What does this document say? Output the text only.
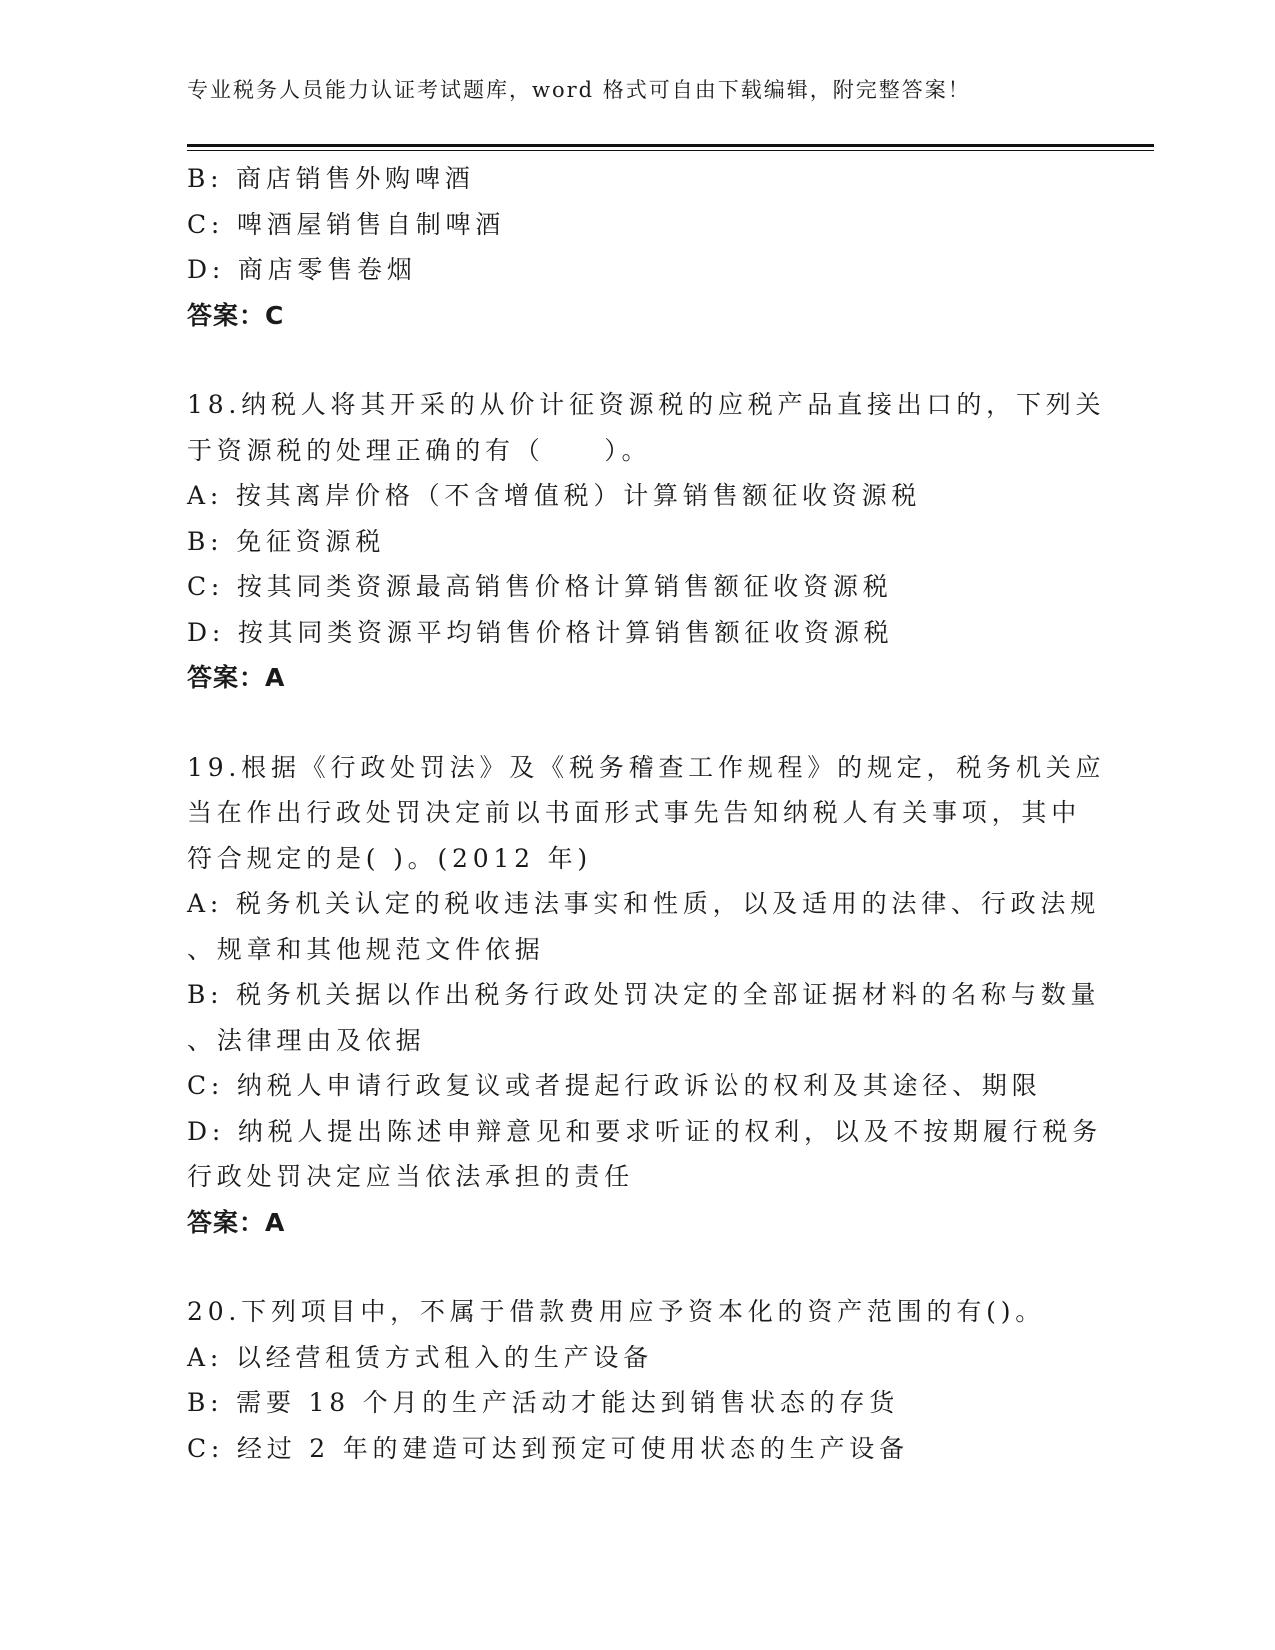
专业税务人员能力认证考试题库，word 格式可自由下载编辑，附完整答案！
B: 商店销售外购啤酒
C: 啤酒屋销售自制啤酒
D: 商店零售卷烟
答案：C
18.纳税人将其开采的从价计征资源税的应税产品直接出口的，下列关
于资源税的处理正确的有（　　）。
A: 按其离岸价格（不含增值税）计算销售额征收资源税
B: 免征资源税
C: 按其同类资源最高销售价格计算销售额征收资源税
D: 按其同类资源平均销售价格计算销售额征收资源税
答案：A
19.根据《行政处罚法》及《税务稽查工作规程》的规定，税务机关应
当在作出行政处罚决定前以书面形式事先告知纳税人有关事项，其中
符合规定的是( )。(2012 年)
A: 税务机关认定的税收违法事实和性质，以及适用的法律、行政法规
、规章和其他规范文件依据
B: 税务机关据以作出税务行政处罚决定的全部证据材料的名称与数量
、法律理由及依据
C: 纳税人申请行政复议或者提起行政诉讼的权利及其途径、期限
D: 纳税人提出陈述申辩意见和要求听证的权利，以及不按期履行税务
行政处罚决定应当依法承担的责任
答案：A
20.下列项目中，不属于借款费用应予资本化的资产范围的有()。
A: 以经营租赁方式租入的生产设备
B: 需要 18 个月的生产活动才能达到销售状态的存货
C: 经过 2 年的建造可达到预定可使用状态的生产设备
